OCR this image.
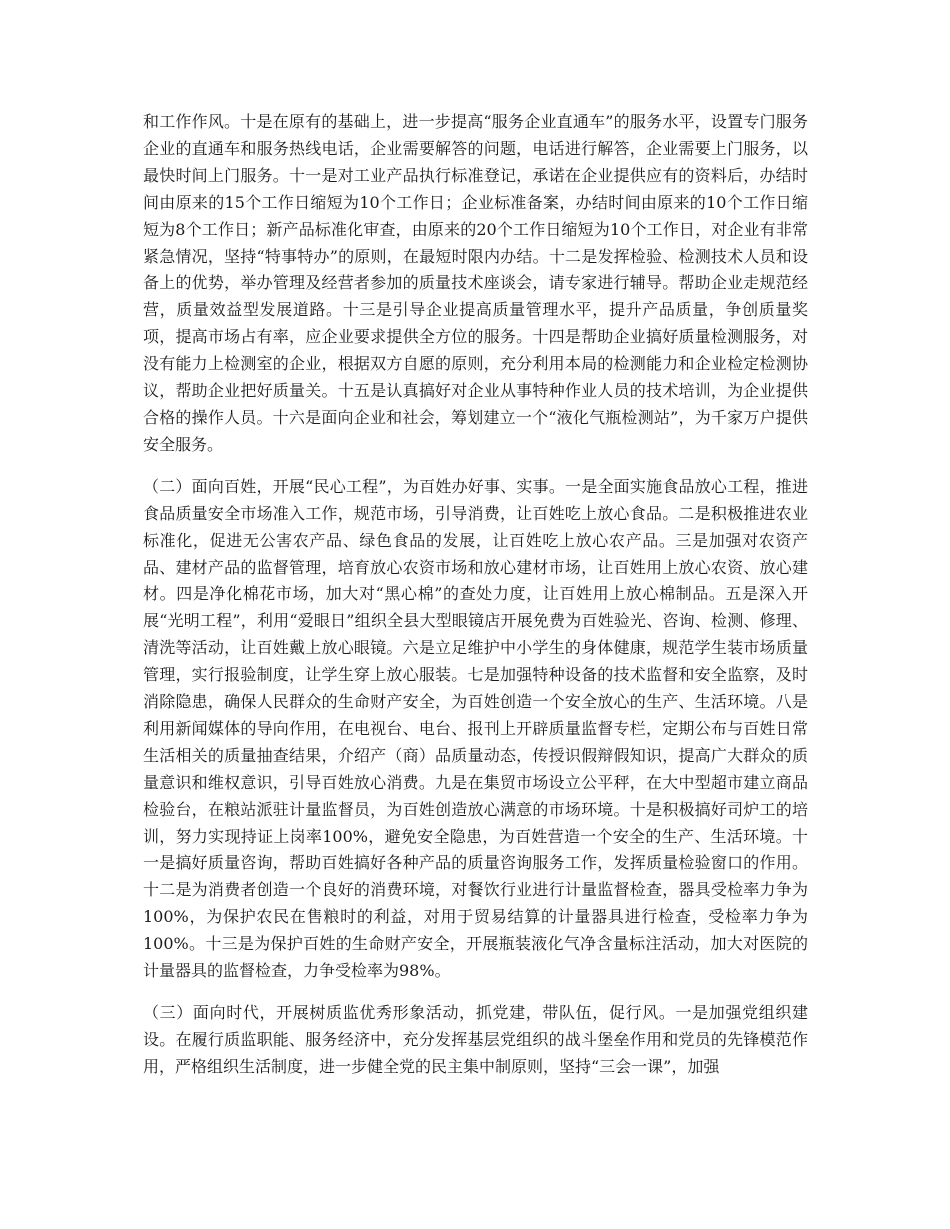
和工作作风。十是在原有的基础上，进一步提高“服务企业直通车”的服务水平，设置专门服务企业的直通车和服务热线电话，企业需要解答的问题，电话进行解答，企业需要上门服务，以最快时间上门服务。十一是对工业产品执行标准登记，承诺在企业提供应有的资料后，办结时间由原来的15个工作日缩短为10个工作日；企业标准备案，办结时间由原来的10个工作日缩短为8个工作日；新产品标准化审查，由原来的20个工作日缩短为10个工作日，对企业有非常紧急情况，坚持“特事特办”的原则，在最短时限内办结。十二是发挥检验、检测技术人员和设备上的优势，举办管理及经营者参加的质量技术座谈会，请专家进行辅导。帮助企业走规范经营，质量效益型发展道路。十三是引导企业提高质量管理水平，提升产品质量，争创质量奖项，提高市场占有率，应企业要求提供全方位的服务。十四是帮助企业搞好质量检测服务，对没有能力上检测室的企业，根据双方自愿的原则，充分利用本局的检测能力和企业检定检测协议，帮助企业把好质量关。十五是认真搞好对企业从事特种作业人员的技术培训，为企业提供合格的操作人员。十六是面向企业和社会，筹划建立一个“液化气瓶检测站”，为千家万户提供安全服务。

（二）面向百姓，开展“民心工程”，为百姓办好事、实事。一是全面实施食品放心工程，推进食品质量安全市场准入工作，规范市场，引导消费，让百姓吃上放心食品。二是积极推进农业标准化，促进无公害农产品、绿色食品的发展，让百姓吃上放心农产品。三是加强对农资产品、建材产品的监督管理，培育放心农资市场和放心建材市场，让百姓用上放心农资、放心建材。四是净化棉花市场，加大对“黑心棉”的查处力度，让百姓用上放心棉制品。五是深入开展“光明工程”，利用“爱眼日”组织全县大型眼镜店开展免费为百姓验光、咨询、检测、修理、清洗等活动，让百姓戴上放心眼镜。六是立足维护中小学生的身体健康，规范学生装市场质量管理，实行报验制度，让学生穿上放心服装。七是加强特种设备的技术监督和安全监察，及时消除隐患，确保人民群众的生命财产安全，为百姓创造一个安全放心的生产、生活环境。八是利用新闻媒体的导向作用，在电视台、电台、报刊上开辟质量监督专栏，定期公布与百姓日常生活相关的质量抽查结果，介绍产（商）品质量动态，传授识假辩假知识，提高广大群众的质量意识和维权意识，引导百姓放心消费。九是在集贸市场设立公平秤，在大中型超市建立商品检验台，在粮站派驻计量监督员，为百姓创造放心满意的市场环境。十是积极搞好司炉工的培训，努力实现持证上岗率100%，避免安全隐患，为百姓营造一个安全的生产、生活环境。十一是搞好质量咨询，帮助百姓搞好各种产品的质量咨询服务工作，发挥质量检验窗口的作用。十二是为消费者创造一个良好的消费环境，对餐饮行业进行计量监督检查，器具受检率力争为100%，为保护农民在售粮时的利益，对用于贸易结算的计量器具进行检查，受检率力争为100%。十三是为保护百姓的生命财产安全，开展瓶装液化气净含量标注活动，加大对医院的计量器具的监督检查，力争受检率为98%。

（三）面向时代，开展树质监优秀形象活动，抓党建，带队伍，促行风。一是加强党组织建设。在履行质监职能、服务经济中，充分发挥基层党组织的战斗堡垒作用和党员的先锋模范作用，严格组织生活制度，进一步健全党的民主集中制原则，坚持“三会一课”，加强
